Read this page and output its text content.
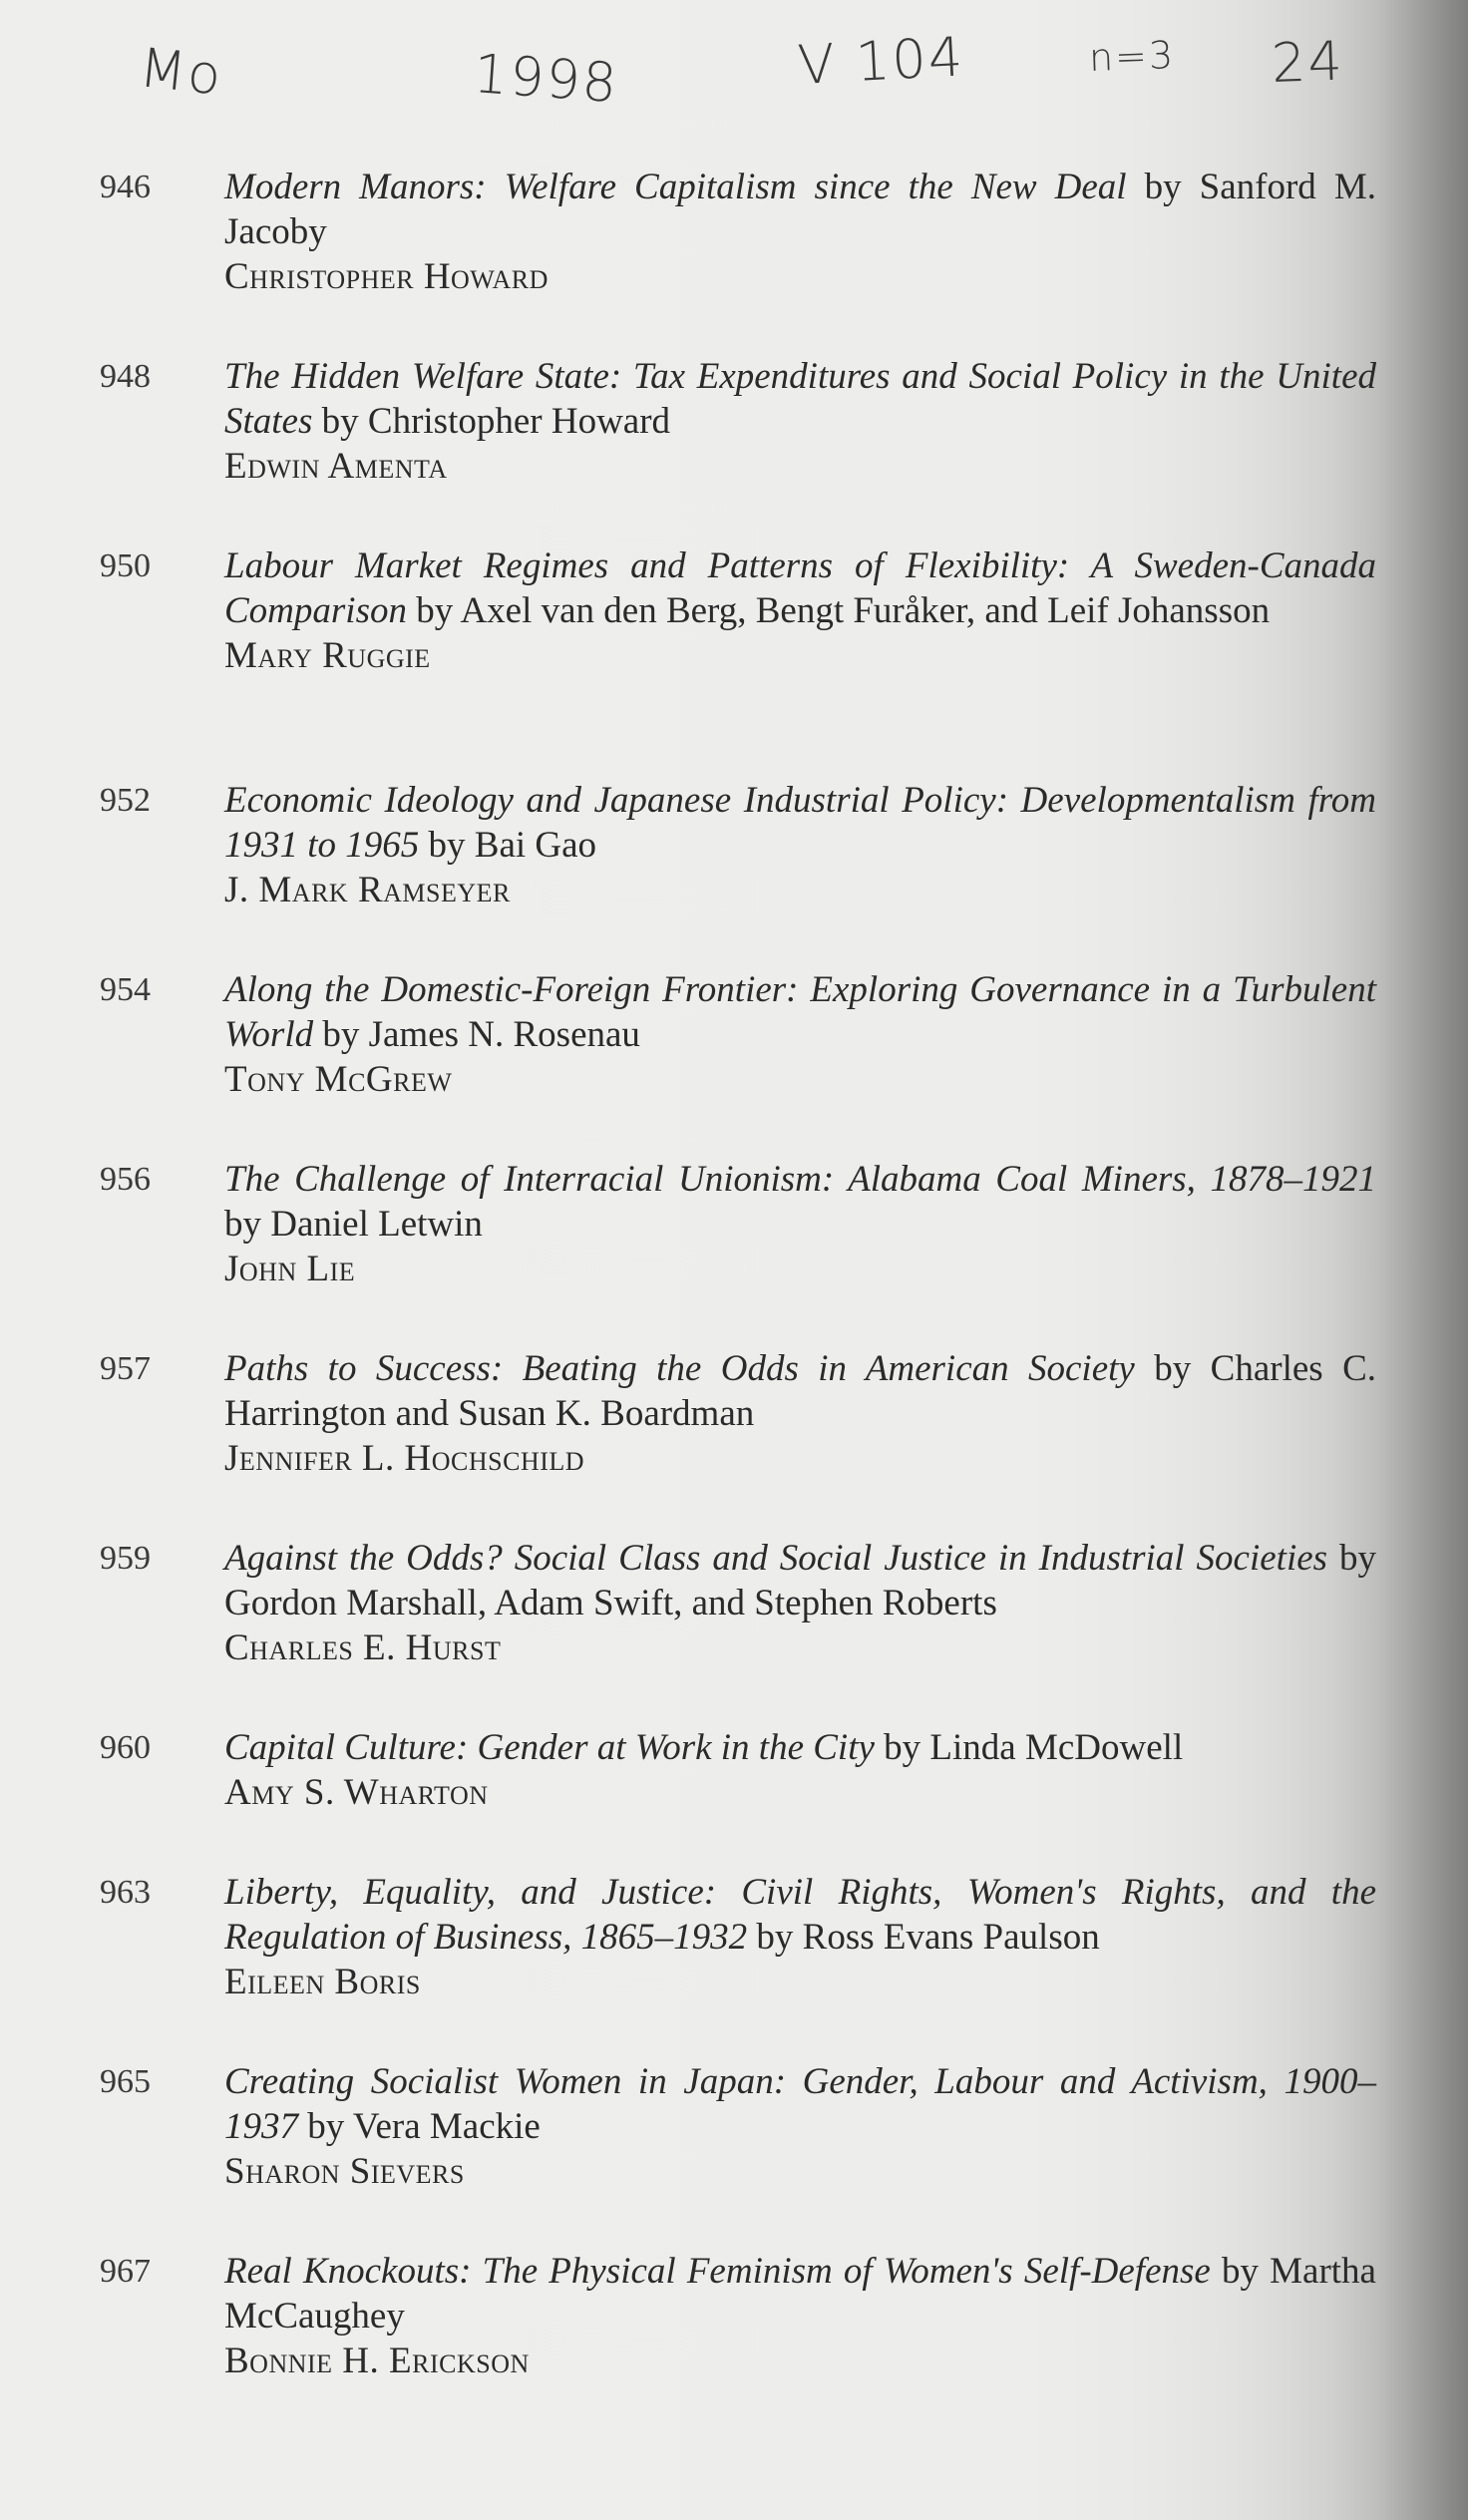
Mo	1998	V 104	n=3 24
946 Modern Manors: Welfare Capitalism since the New Deal by Sanford M. Jacoby
Christopher Howard
948 The Hidden Welfare State: Tax Expenditures and Social Policy in the United States by Christopher Howard
Edwin Amenta
950 Labour Market Regimes and Patterns of Flexibility: A Sweden-Canada Comparison by Axel van den Berg, Bengt Furåker, and Leif Johansson
Mary Ruggie
952 Economic Ideology and Japanese Industrial Policy: Developmentalism from 1931 to 1965 by Bai Gao
J. Mark Ramseyer
954 Along the Domestic-Foreign Frontier: Exploring Governance in a Turbulent World by James N. Rosenau
Tony McGrew
956 The Challenge of Interracial Unionism: Alabama Coal Miners, 1878–1921 by Daniel Letwin
John Lie
957 Paths to Success: Beating the Odds in American Society by Charles C. Harrington and Susan K. Boardman
Jennifer L. Hochschild
959 Against the Odds? Social Class and Social Justice in Industrial Societies by Gordon Marshall, Adam Swift, and Stephen Roberts
Charles E. Hurst
960 Capital Culture: Gender at Work in the City by Linda McDowell
Amy S. Wharton
963 Liberty, Equality, and Justice: Civil Rights, Women's Rights, and the Regulation of Business, 1865–1932 by Ross Evans Paulson
Eileen Boris
965 Creating Socialist Women in Japan: Gender, Labour and Activism, 1900–1937 by Vera Mackie
Sharon Sievers
967 Real Knockouts: The Physical Feminism of Women's Self-Defense by Martha McCaughey
Bonnie H. Erickson
